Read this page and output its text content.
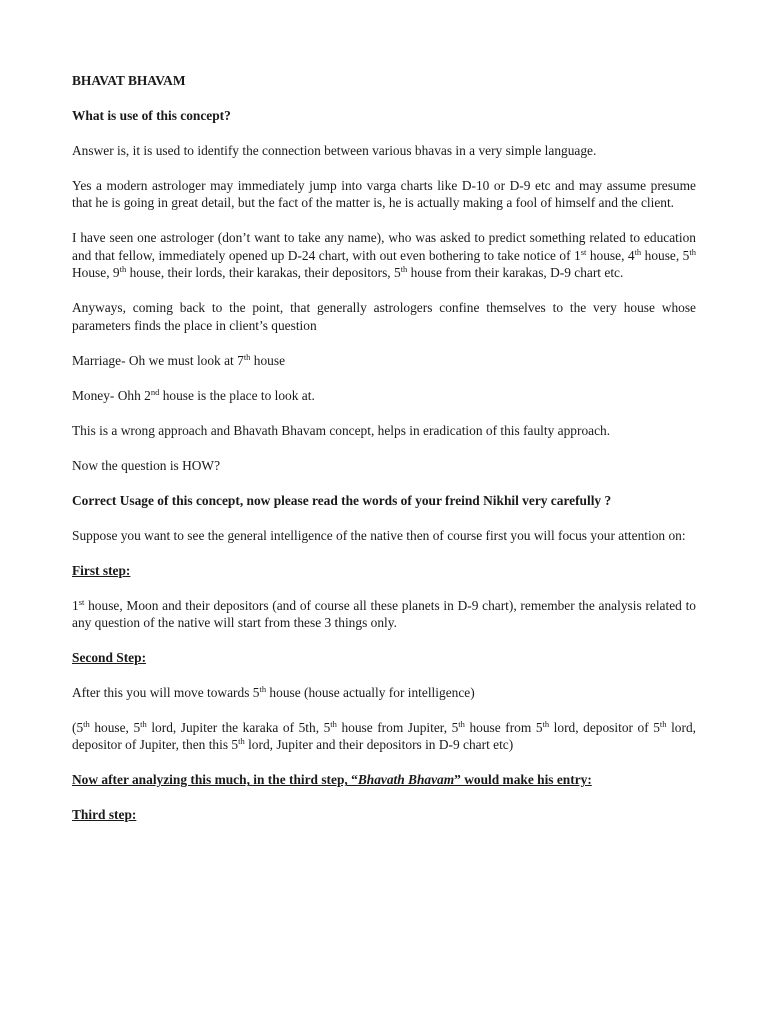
BHAVAT BHAVAM

What is use of this concept?

Answer is, it is used to identify the connection between various bhavas in a very simple language.

Yes a modern astrologer may immediately jump into varga charts like D-10 or D-9 etc and may assume presume that he is going in great detail, but the fact of the matter is, he is actually making a fool of himself and the client.

I have seen one astrologer (don’t want to take any name), who was asked to predict something related to education and that fellow, immediately opened up D-24 chart, with out even bothering to take notice of 1st house, 4th house, 5th House, 9th house, their lords, their karakas, their depositors, 5th house from their karakas, D-9 chart etc.

Anyways, coming back to the point, that generally astrologers confine themselves to the very house whose parameters finds the place in client’s question

Marriage- Oh we must look at 7th house

Money- Ohh 2nd house is the place to look at.

This is a wrong approach and Bhavath Bhavam concept, helps in eradication of this faulty approach.

Now the question is HOW?

Correct Usage of this concept, now please read the words of your freind Nikhil very carefully ?

Suppose you want to see the general intelligence of the native then of course first you will focus your attention on:

First step:

1st house, Moon and their depositors (and of course all these planets in D-9 chart), remember the analysis related to any question of the native will start from these 3 things only.

Second Step:

After this you will move towards 5th house (house actually for intelligence)

(5th house, 5th lord, Jupiter the karaka of 5th, 5th house from Jupiter, 5th house from 5th lord, depositor of 5th lord, depositor of Jupiter, then this 5th lord, Jupiter and their depositors in D-9 chart etc)

Now after analyzing this much, in the third step, “Bhavath Bhavam” would make his entry:

Third step:
